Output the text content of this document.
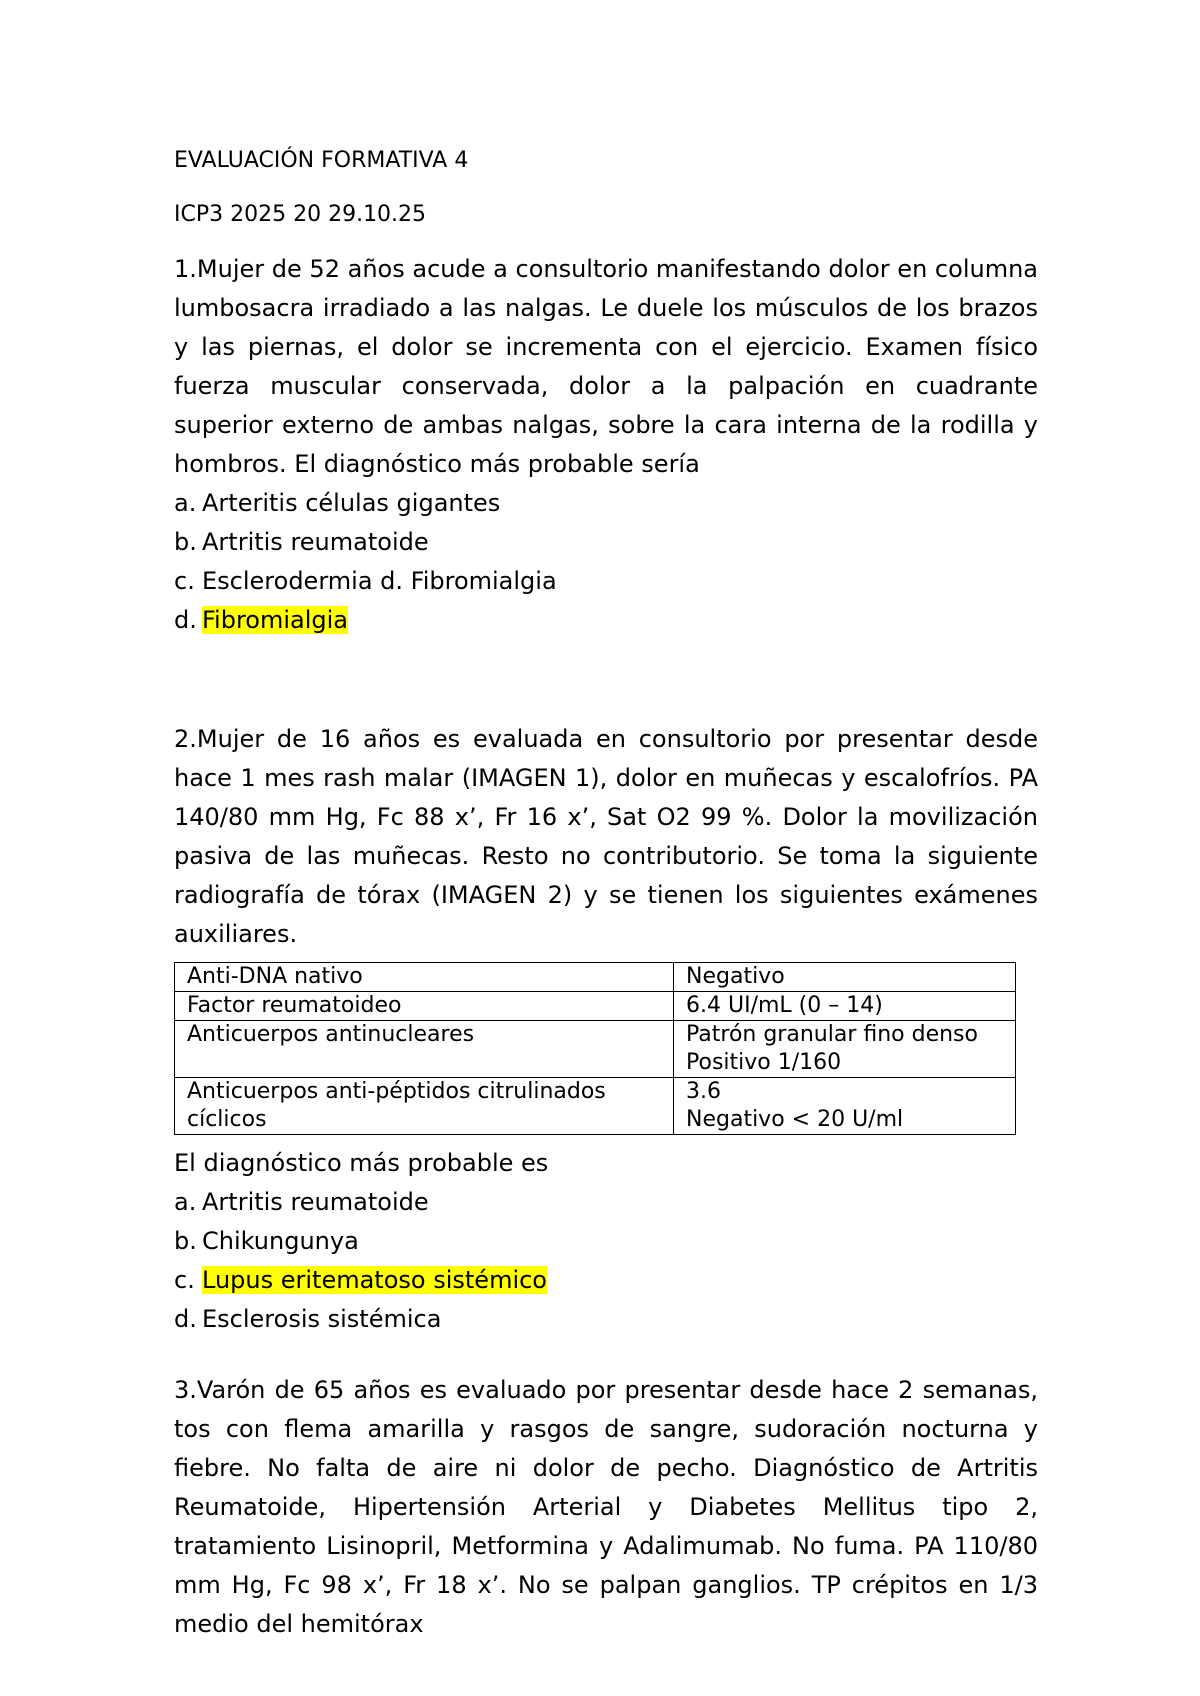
EVALUACIÓN FORMATIVA 4
ICP3 2025 20 29.10.25

1.Mujer de 52 años acude a consultorio manifestando dolor en columna lumbosacra irradiado a las nalgas. Le duele los músculos de los brazos y las piernas, el dolor se incrementa con el ejercicio. Examen físico fuerza muscular conservada, dolor a la palpación en cuadrante superior externo de ambas nalgas, sobre la cara interna de la rodilla y hombros. El diagnóstico más probable sería

a. Arteritis células gigantes
b. Artritis reumatoide
c. Esclerodermia d. Fibromialgia
d. Fibromialgia

2.Mujer de 16 años es evaluada en consultorio por presentar desde hace 1 mes rash malar (IMAGEN 1), dolor en muñecas y escalofríos. PA 140/80 mm Hg, Fc 88 x’, Fr 16 x’, Sat O2 99 %. Dolor la movilización pasiva de las muñecas. Resto no contributorio. Se toma la siguiente radiografía de tórax (IMAGEN 2) y se tienen los siguientes exámenes auxiliares.

Anti-DNA nativo	Negativo
Factor reumatoideo	6.4 UI/mL (0 – 14)
Anticuerpos antinucleares	Patrón granular fino denso
Positivo 1/160

Anticuerpos anti-péptidos citrulinados cíclicos	3.6
Negativo < 20 U/ml
El diagnóstico más probable es
a. Artritis reumatoide
b. Chikungunya
c. Lupus eritematoso sistémico
d. Esclerosis sistémica

3.Varón de 65 años es evaluado por presentar desde hace 2 semanas, tos con flema amarilla y rasgos de sangre, sudoración nocturna y fiebre. No falta de aire ni dolor de pecho. Diagnóstico de Artritis Reumatoide, Hipertensión Arterial y Diabetes Mellitus tipo 2, tratamiento Lisinopril, Metformina y Adalimumab. No fuma. PA 110/80 mm Hg, Fc 98 x’, Fr 18 x’. No se palpan ganglios. TP crépitos en 1/3 medio del hemitórax
